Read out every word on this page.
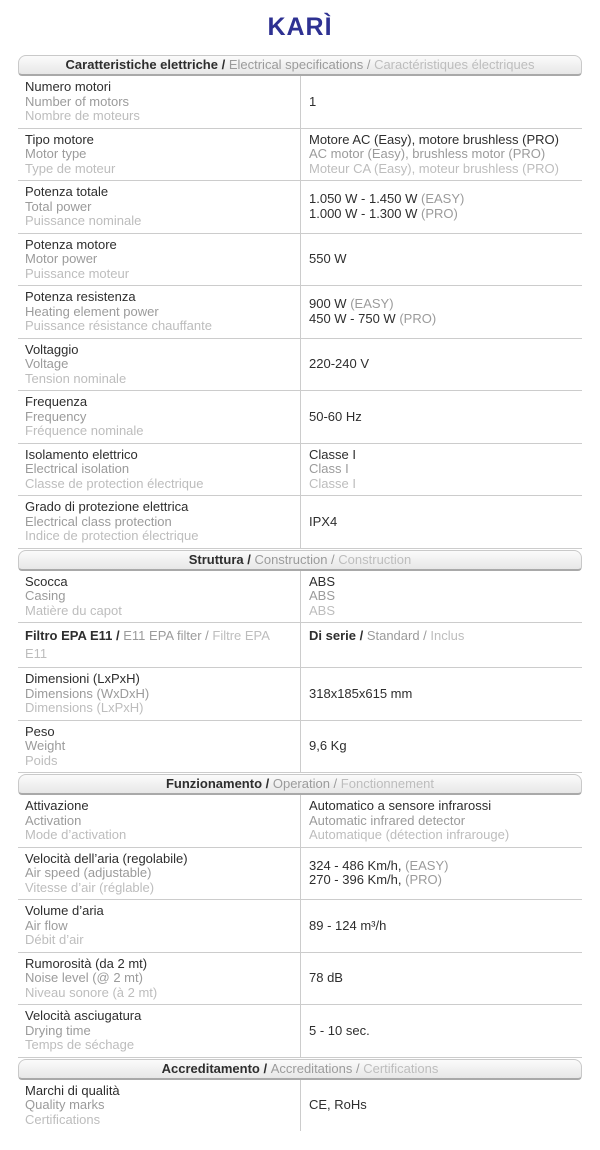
KARÌ
Caratteristiche elettriche / Electrical specifications / Caractéristiques électriques
Numero motori
Number of motors
Nombre de moteurs
1
Tipo motore
Motor type
Type de moteur
Motore AC (Easy), motore brushless (PRO)
AC motor (Easy), brushless motor (PRO)
Moteur CA (Easy), moteur brushless (PRO)
Potenza totale
Total power
Puissance nominale
1.050 W - 1.450 W (EASY)
1.000 W - 1.300 W (PRO)
Potenza motore
Motor power
Puissance moteur
550 W
Potenza resistenza
Heating element power
Puissance résistance chauffante
900 W (EASY)
450 W - 750 W (PRO)
Voltaggio
Voltage
Tension nominale
220-240 V
Frequenza
Frequency
Fréquence nominale
50-60 Hz
Isolamento elettrico
Electrical isolation
Classe de protection électrique
Classe I
Class I
Classe I
Grado di protezione elettrica
Electrical class protection
Indice de protection électrique
IPX4
Struttura / Construction / Construction
Scocca
Casing
Matière du capot
ABS
ABS
ABS
Filtro EPA E11 / E11 EPA filter / Filtre EPA E11
Di serie / Standard / Inclus
Dimensioni (LxPxH)
Dimensions (WxDxH)
Dimensions (LxPxH)
318x185x615 mm
Peso
Weight
Poids
9,6 Kg
Funzionamento / Operation / Fonctionnement
Attivazione
Activation
Mode d’activation
Automatico a sensore infrarossi
Automatic infrared detector
Automatique (détection infrarouge)
Velocità dell’aria (regolabile)
Air speed (adjustable)
Vitesse d’air (réglable)
324 - 486 Km/h, (EASY)
270 - 396 Km/h, (PRO)
Volume d’aria
Air flow
Débit d’air
89 - 124 m³/h
Rumorosità (da 2 mt)
Noise level (@ 2 mt)
Niveau sonore (à 2 mt)
78 dB
Velocità asciugatura
Drying time
Temps de séchage
5 - 10 sec.
Accreditamento / Accreditations / Certifications
Marchi di qualità
Quality marks
Certifications
CE, RoHs
